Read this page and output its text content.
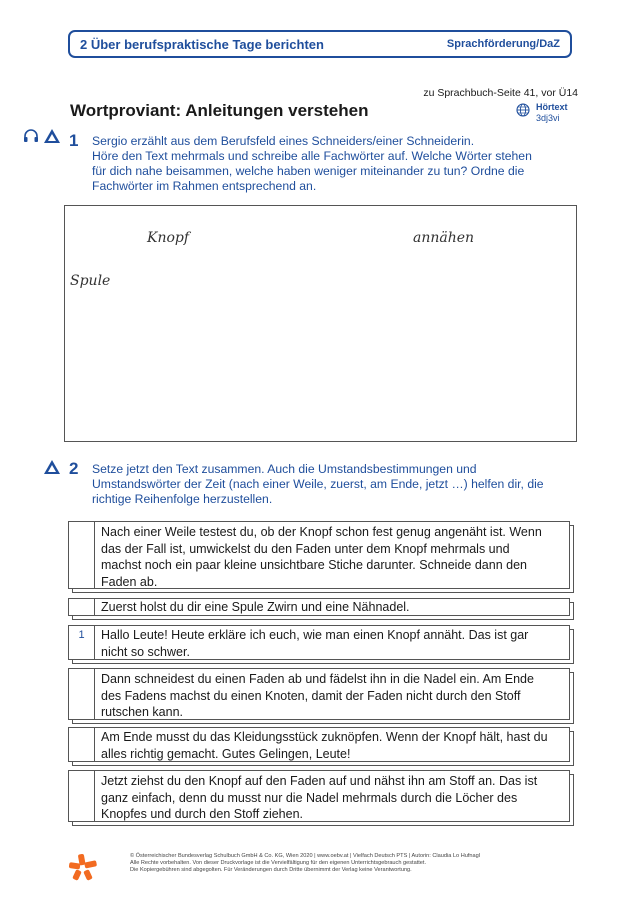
2 Über berufspraktische Tage berichten	Sprachförderung/DaZ
zu Sprachbuch-Seite 41, vor Ü14
Hörtext
3dj3vi
Wortproviant: Anleitungen verstehen
1 Sergio erzählt aus dem Berufsfeld eines Schneiders/einer Schneiderin.
Höre den Text mehrmals und schreibe alle Fachwörter auf. Welche Wörter stehen
für dich nahe beisammen, welche haben weniger miteinander zu tun? Ordne die
Fachwörter im Rahmen entsprechend an.
Knopf	annähen
Spule
2 Setze jetzt den Text zusammen. Auch die Umstandsbestimmungen und
Umstandswörter der Zeit (nach einer Weile, zuerst, am Ende, jetzt …) helfen dir, die
richtige Reihenfolge herzustellen.
Nach einer Weile testest du, ob der Knopf schon fest genug angenäht ist. Wenn
das der Fall ist, umwickelst du den Faden unter dem Knopf mehrmals und
machst noch ein paar kleine unsichtbare Stiche darunter. Schneide dann den
Faden ab.
Zuerst holst du dir eine Spule Zwirn und eine Nähnadel.
1	Hallo Leute! Heute erkläre ich euch, wie man einen Knopf annäht. Das ist gar
nicht so schwer.
Dann schneidest du einen Faden ab und fädelst ihn in die Nadel ein. Am Ende
des Fadens machst du einen Knoten, damit der Faden nicht durch den Stoff
rutschen kann.
Am Ende musst du das Kleidungsstück zuknöpfen. Wenn der Knopf hält, hast du
alles richtig gemacht. Gutes Gelingen, Leute!
Jetzt ziehst du den Knopf auf den Faden auf und nähst ihn am Stoff an. Das ist
ganz einfach, denn du musst nur die Nadel mehrmals durch die Löcher des
Knopfes und durch den Stoff ziehen.
© Österreichischer Bundesverlag Schulbuch GmbH & Co. KG, Wien 2020 | www.oebv.at | Vielfach Deutsch PTS | Autorin: Claudia Lo Hufnagl
Alle Rechte vorbehalten. Von dieser Druckvorlage ist die Vervielfältigung für den eigenen Unterrichtsgebrauch gestattet.
Die Kopiergebühren sind abgegolten. Für Veränderungen durch Dritte übernimmt der Verlag keine Verantwortung.
